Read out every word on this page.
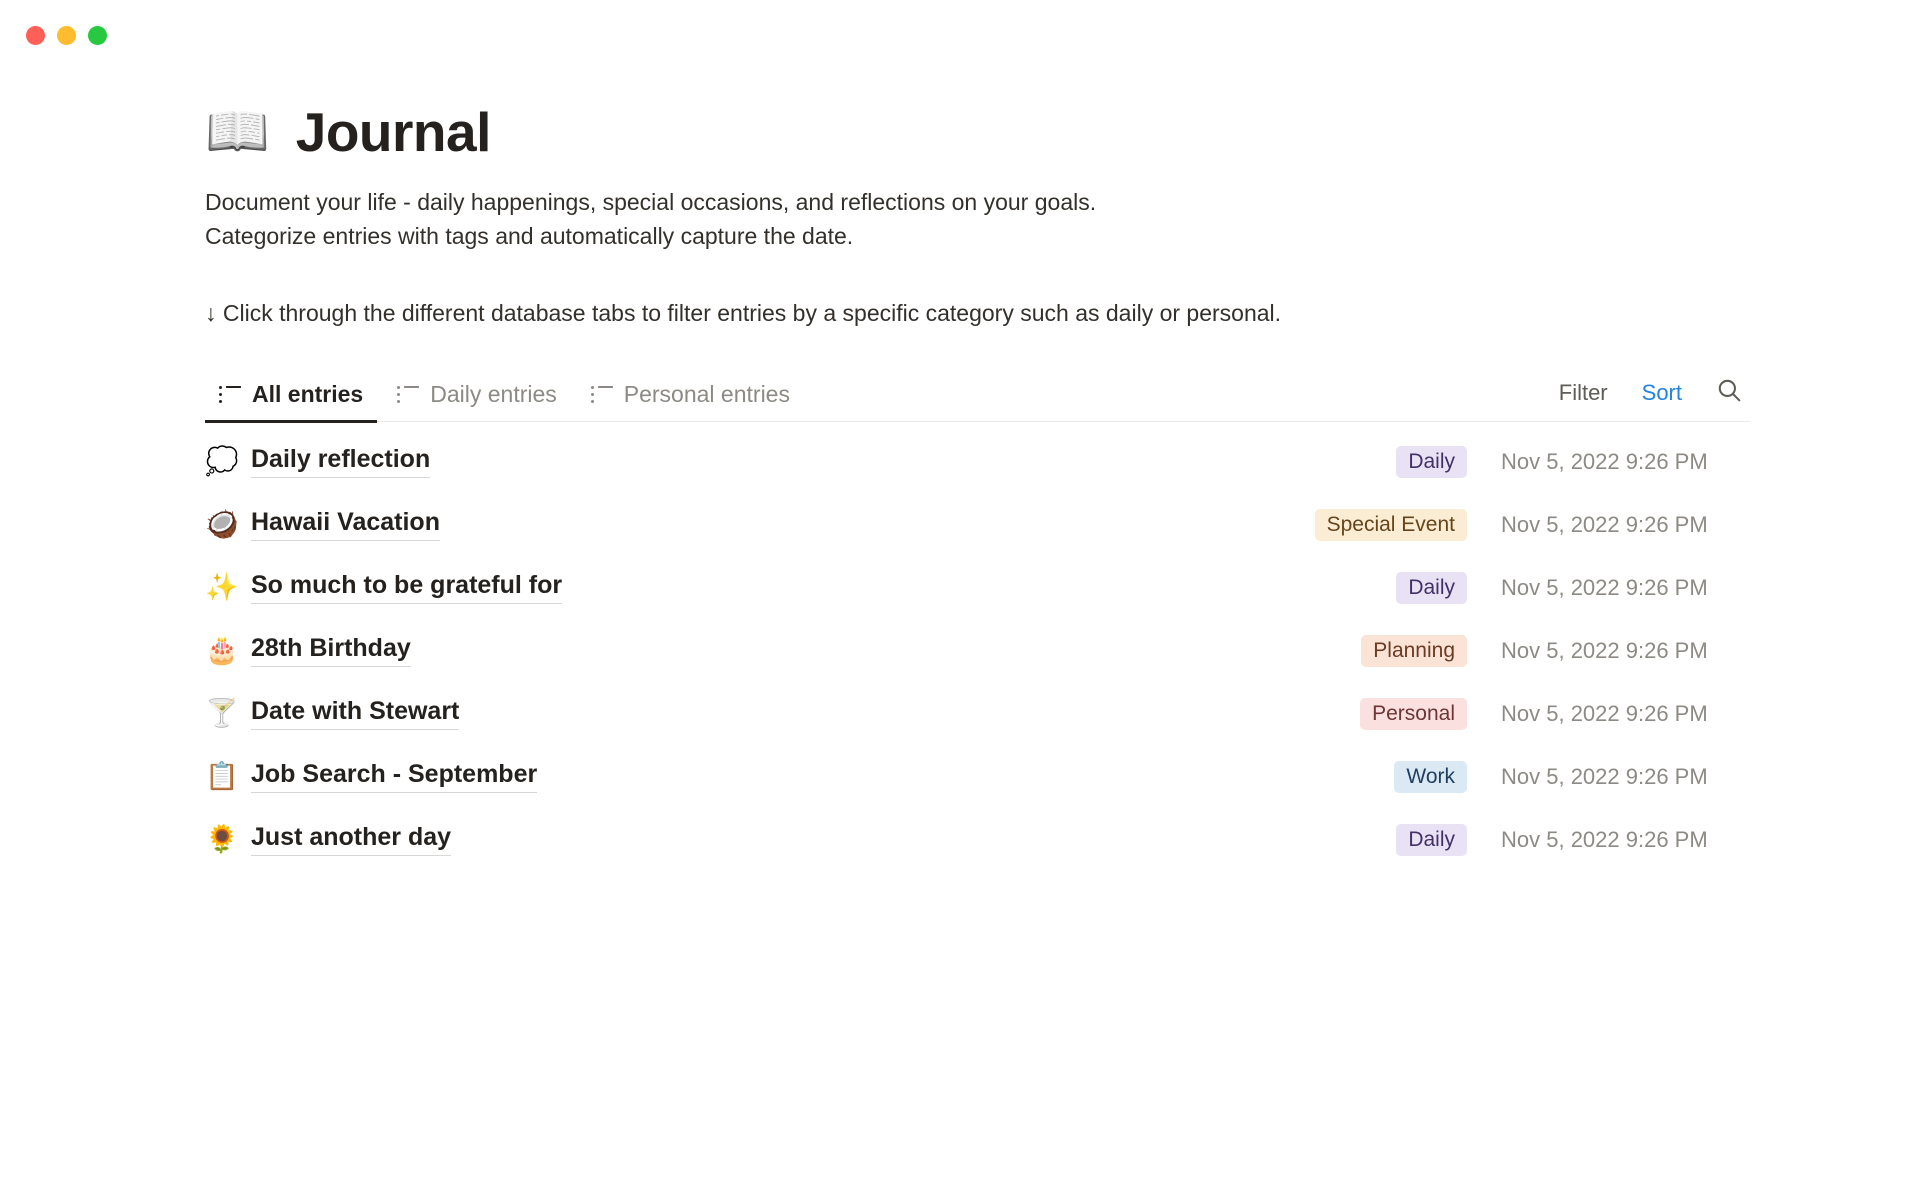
📖 Journal
Document your life - daily happenings, special occasions, and reflections on your goals.
Categorize entries with tags and automatically capture the date.
↓ Click through the different database tabs to filter entries by a specific category such as daily or personal.
All entries	Daily entries	Personal entries	Filter Sort
💭 Daily reflection	Daily	Nov 5, 2022 9:26 PM
🥥 Hawaii Vacation	Special Event	Nov 5, 2022 9:26 PM
✨ So much to be grateful for	Daily	Nov 5, 2022 9:26 PM
🎂 28th Birthday	Planning	Nov 5, 2022 9:26 PM
🍸 Date with Stewart	Personal	Nov 5, 2022 9:26 PM
📋 Job Search - September	Work	Nov 5, 2022 9:26 PM
🌻 Just another day	Daily	Nov 5, 2022 9:26 PM
